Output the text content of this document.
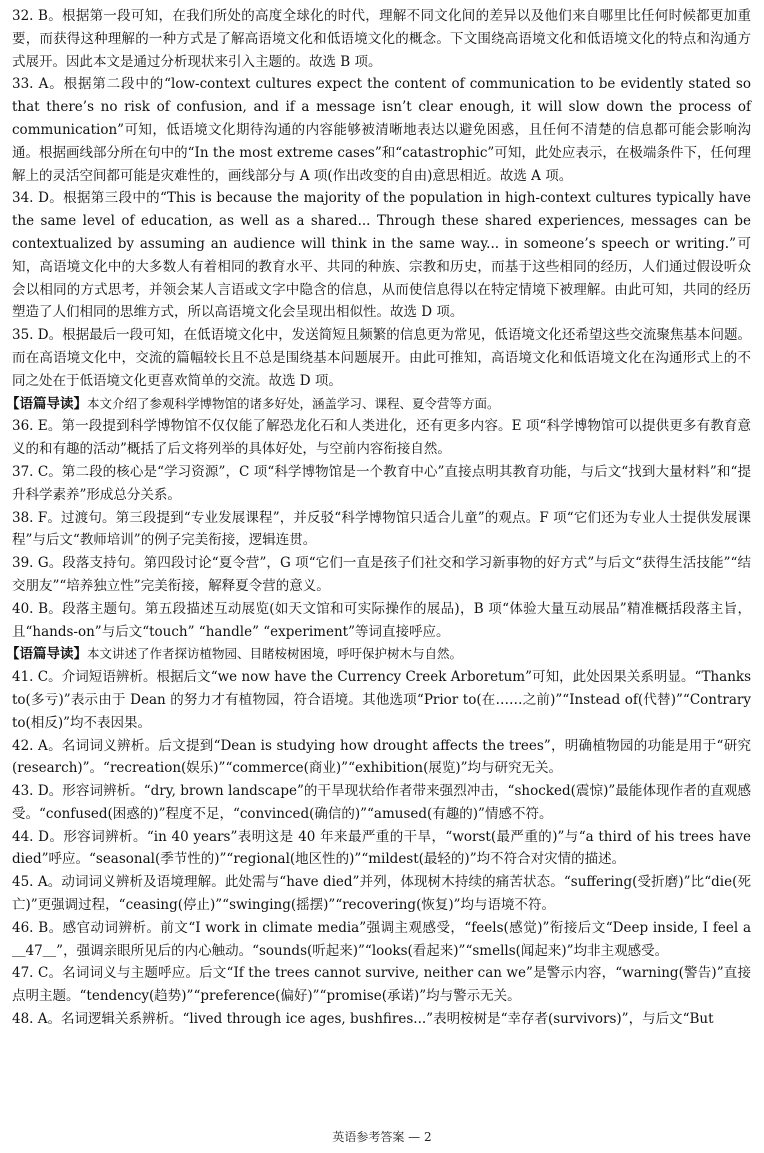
32. B。根据第一段可知，在我们所处的高度全球化的时代，理解不同文化间的差异以及他们来自哪里比任何时候都更加重要，而获得这种理解的一种方式是了解高语境文化和低语境文化的概念。下文围绕高语境文化和低语境文化的特点和沟通方式展开。因此本文是通过分析现状来引入主题的。故选 B 项。
33. A。根据第二段中的“low-context cultures expect the content of communication to be evidently stated so that there’s no risk of confusion, and if a message isn’t clear enough, it will slow down the process of communication”可知，低语境文化期待沟通的内容能够被清晰地表达以避免困惑，且任何不清楚的信息都可能会影响沟通。根据画线部分所在句中的“In the most extreme cases”和“catastrophic”可知，此处应表示，在极端条件下，任何理解上的灵活空间都可能是灾难性的，画线部分与 A 项(作出改变的自由)意思相近。故选 A 项。
34. D。根据第三段中的“This is because the majority of the population in high-context cultures typically have the same level of education, as well as a shared... Through these shared experiences, messages can be contextualized by assuming an audience will think in the same way... in someone’s speech or writing.”可知，高语境文化中的大多数人有着相同的教育水平、共同的种族、宗教和历史，而基于这些相同的经历，人们通过假设听众会以相同的方式思考，并领会某人言语或文字中隐含的信息，从而使信息得以在特定情境下被理解。由此可知，共同的经历塑造了人们相同的思维方式，所以高语境文化会呈现出相似性。故选 D 项。
35. D。根据最后一段可知，在低语境文化中，发送简短且频繁的信息更为常见，低语境文化还希望这些交流聚焦基本问题。而在高语境文化中，交流的篇幅较长且不总是围绕基本问题展开。由此可推知，高语境文化和低语境文化在沟通形式上的不同之处在于低语境文化更喜欢简单的交流。故选 D 项。
【语篇导读】本文介绍了参观科学博物馆的诸多好处，涵盖学习、课程、夏令营等方面。
36. E。第一段提到科学博物馆不仅仅能了解恐龙化石和人类进化，还有更多内容。E 项“科学博物馆可以提供更多有教育意义的和有趣的活动”概括了后文将列举的具体好处，与空前内容衔接自然。
37. C。第二段的核心是“学习资源”，C 项“科学博物馆是一个教育中心”直接点明其教育功能，与后文“找到大量材料”和“提升科学素养”形成总分关系。
38. F。过渡句。第三段提到“专业发展课程”，并反驳“科学博物馆只适合儿童”的观点。F 项“它们还为专业人士提供发展课程”与后文“教师培训”的例子完美衔接，逻辑连贯。
39. G。段落支持句。第四段讨论“夏令营”，G 项“它们一直是孩子们社交和学习新事物的好方式”与后文“获得生活技能”“结交朋友”“培养独立性”完美衔接，解释夏令营的意义。
40. B。段落主题句。第五段描述互动展览(如天文馆和可实际操作的展品)，B 项“体验大量互动展品”精准概括段落主旨，且“hands-on”与后文“touch” “handle” “experiment”等词直接呼应。
【语篇导读】本文讲述了作者探访植物园、目睹桉树困境，呼吁保护树木与自然。
41. C。介词短语辨析。根据后文“we now have the Currency Creek Arboretum”可知，此处因果关系明显。“Thanks to(多亏)”表示由于 Dean 的努力才有植物园，符合语境。其他选项“Prior to(在……之前)”“Instead of(代替)”“Contrary to(相反)”均不表因果。
42. A。名词词义辨析。后文提到“Dean is studying how drought affects the trees”，明确植物园的功能是用于“研究(research)”。“recreation(娱乐)”“commerce(商业)”“exhibition(展览)”均与研究无关。
43. D。形容词辨析。“dry, brown landscape”的干旱现状给作者带来强烈冲击，“shocked(震惊)”最能体现作者的直观感受。“confused(困惑的)”程度不足，“convinced(确信的)”“amused(有趣的)”情感不符。
44. D。形容词辨析。“in 40 years”表明这是 40 年来最严重的干旱，“worst(最严重的)”与“a third of his trees have died”呼应。“seasonal(季节性的)”“regional(地区性的)”“mildest(最轻的)”均不符合对灾情的描述。
45. A。动词词义辨析及语境理解。此处需与“have died”并列，体现树木持续的痛苦状态。“suffering(受折磨)”比“die(死亡)”更强调过程，“ceasing(停止)”“swinging(摇摆)”“recovering(恢复)”均与语境不符。
46. B。感官动词辨析。前文“I work in climate media”强调主观感受，“feels(感觉)”衔接后文“Deep inside, I feel a ＿47＿”，强调亲眼所见后的内心触动。“sounds(听起来)”“looks(看起来)”“smells(闻起来)”均非主观感受。
47. C。名词词义与主题呼应。后文“If the trees cannot survive, neither can we”是警示内容，“warning(警告)”直接点明主题。“tendency(趋势)”“preference(偏好)”“promise(承诺)”均与警示无关。
48. A。名词逻辑关系辨析。“lived through ice ages, bushfires...”表明桉树是“幸存者(survivors)”，与后文“But
英语参考答案 — 2
